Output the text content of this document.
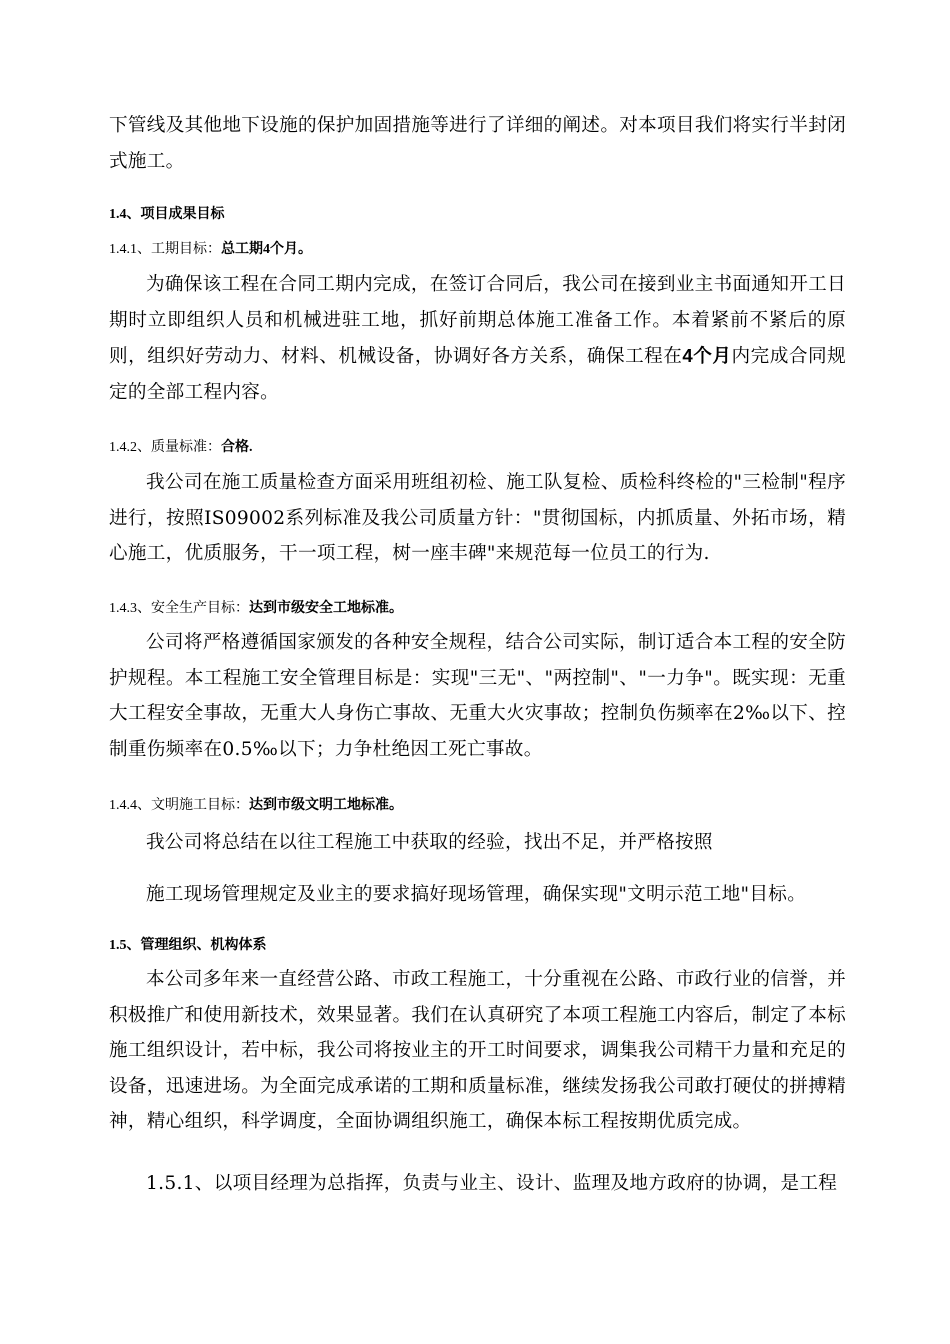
下管线及其他地下设施的保护加固措施等进行了详细的阐述。对本项目我们将实行半封闭式施工。

1.4、项目成果目标

1.4.1、工期目标：总工期4个月。

为确保该工程在合同工期内完成，在签订合同后，我公司在接到业主书面通知开工日期时立即组织人员和机械进驻工地，抓好前期总体施工准备工作。本着紧前不紧后的原则，组织好劳动力、材料、机械设备，协调好各方关系，确保工程在4个月内完成合同规定的全部工程内容。

1.4.2、质量标准：合格.

我公司在施工质量检查方面采用班组初检、施工队复检、质检科终检的"三检制"程序进行，按照IS09002系列标准及我公司质量方针："贯彻国标，内抓质量、外拓市场，精心施工，优质服务，干一项工程，树一座丰碑"来规范每一位员工的行为.

1.4.3、安全生产目标：达到市级安全工地标准。

公司将严格遵循国家颁发的各种安全规程，结合公司实际，制订适合本工程的安全防护规程。本工程施工安全管理目标是：实现"三无"、"两控制"、"一力争"。既实现：无重大工程安全事故，无重大人身伤亡事故、无重大火灾事故；控制负伤频率在2‰以下、控制重伤频率在0.5‰以下；力争杜绝因工死亡事故。

1.4.4、文明施工目标：达到市级文明工地标准。

我公司将总结在以往工程施工中获取的经验，找出不足，并严格按照

施工现场管理规定及业主的要求搞好现场管理，确保实现"文明示范工地"目标。

1.5、管理组织、机构体系

本公司多年来一直经营公路、市政工程施工，十分重视在公路、市政行业的信誉，并积极推广和使用新技术，效果显著。我们在认真研究了本项工程施工内容后，制定了本标施工组织设计，若中标，我公司将按业主的开工时间要求，调集我公司精干力量和充足的设备，迅速进场。为全面完成承诺的工期和质量标准，继续发扬我公司敢打硬仗的拼搏精神，精心组织，科学调度，全面协调组织施工，确保本标工程按期优质完成。

1.5.1、以项目经理为总指挥，负责与业主、设计、监理及地方政府的协调，是工程
